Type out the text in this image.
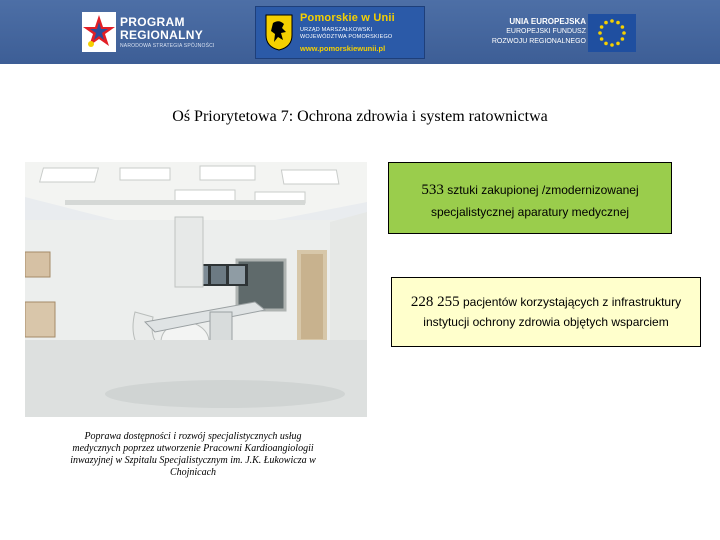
PROGRAM
REGIONALNY
NARODOWA STRATEGIA SPÓJNOŚCI
Pomorskie w Unii
URZĄD MARSZAŁKOWSKI
WOJEWÓDZTWA POMORSKIEGO
www.pomorskiewunii.pl
UNIA EUROPEJSKA
EUROPEJSKI FUNDUSZ
ROZWOJU REGIONALNEGO
Oś Priorytetowa 7: Ochrona zdrowia i system ratownictwa
Poprawa dostępności i rozwój specjalistycznych usług
medycznych poprzez utworzenie Pracowni Kardioangiologii
inwazyjnej w Szpitalu Specjalistycznym im. J.K. Łukowicza w
Chojnicach
533 sztuki zakupionej /zmodernizowanej
specjalistycznej aparatury medycznej
228 255 pacjentów korzystających z infrastruktury
instytucji ochrony zdrowia objętych wsparciem
